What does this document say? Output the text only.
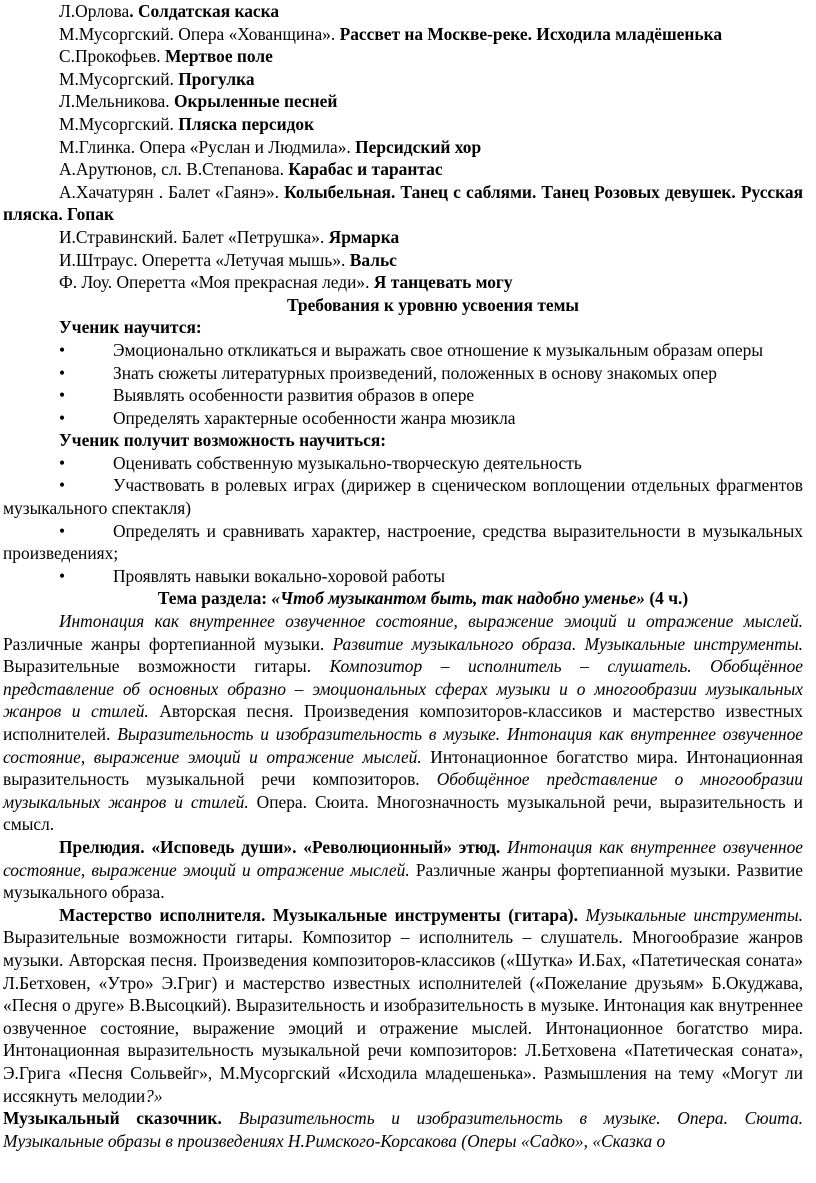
Л.Орлова. Солдатская каска
М.Мусоргский. Опера «Хованщина». Рассвет на Москве-реке. Исходила младёшенька
С.Прокофьев. Мертвое поле
М.Мусоргский. Прогулка
Л.Мельникова. Окрыленные песней
М.Мусоргский. Пляска персидок
М.Глинка. Опера «Руслан и Людмила». Персидский хор
А.Арутюнов, сл. В.Степанова. Карабас и тарантас
А.Хачатурян . Балет «Гаянэ». Колыбельная. Танец с саблями. Танец Розовых девушек. Русская пляска. Гопак
И.Стравинский. Балет «Петрушка». Ярмарка
И.Штраус. Оперетта «Летучая мышь». Вальс
Ф. Лоу. Оперетта «Моя прекрасная леди». Я танцевать могу
Требования к уровню усвоения темы
Ученик научится:
•	Эмоционально откликаться и выражать свое отношение к музыкальным образам оперы
•	Знать сюжеты литературных произведений, положенных в основу знакомых опер
•	Выявлять особенности развития образов в опере
•	Определять характерные особенности жанра мюзикла
Ученик получит возможность научиться:
•	Оценивать собственную музыкально-творческую деятельность
•	Участвовать в ролевых играх (дирижер в сценическом воплощении отдельных фрагментов музыкального спектакля)
•	Определять и сравнивать характер, настроение, средства выразительности в музыкальных произведениях;
•	Проявлять навыки вокально-хоровой работы
Тема раздела: «Чтоб музыкантом быть, так надобно уменье» (4 ч.)
Интонация как внутреннее озвученное состояние, выражение эмоций и отражение мыслей. Различные жанры фортепианной музыки. Развитие музыкального образа. Музыкальные инструменты. Выразительные возможности гитары. Композитор – исполнитель – слушатель. Обобщённое представление об основных образно – эмоциональных сферах музыки и о многообразии музыкальных жанров и стилей. Авторская песня. Произведения композиторов-классиков и мастерство известных исполнителей. Выразительность и изобразительность в музыке. Интонация как внутреннее озвученное состояние, выражение эмоций и отражение мыслей. Интонационное богатство мира. Интонационная выразительность музыкальной речи композиторов. Обобщённое представление о многообразии музыкальных жанров и стилей. Опера. Сюита. Многозначность музыкальной речи, выразительность и смысл.
Прелюдия. «Исповедь души». «Революционный» этюд. Интонация как внутреннее озвученное состояние, выражение эмоций и отражение мыслей. Различные жанры фортепианной музыки. Развитие музыкального образа.
Мастерство исполнителя. Музыкальные инструменты (гитара). Музыкальные инструменты. Выразительные возможности гитары. Композитор – исполнитель – слушатель. Многообразие жанров музыки. Авторская песня. Произведения композиторов-классиков («Шутка» И.Бах, «Патетическая соната» Л.Бетховен, «Утро» Э.Григ) и мастерство известных исполнителей («Пожелание друзьям» Б.Окуджава, «Песня о друге» В.Высоцкий). Выразительность и изобразительность в музыке. Интонация как внутреннее озвученное состояние, выражение эмоций и отражение мыслей. Интонационное богатство мира. Интонационная выразительность музыкальной речи композиторов: Л.Бетховена «Патетическая соната», Э.Грига «Песня Сольвейг», М.Мусоргский «Исходила младешенька». Размышления на тему «Могут ли иссякнуть мелодии?»
Музыкальный сказочник. Выразительность и изобразительность в музыке. Опера. Сюита. Музыкальные образы в произведениях Н.Римского-Корсакова (Оперы «Садко», «Сказка о
